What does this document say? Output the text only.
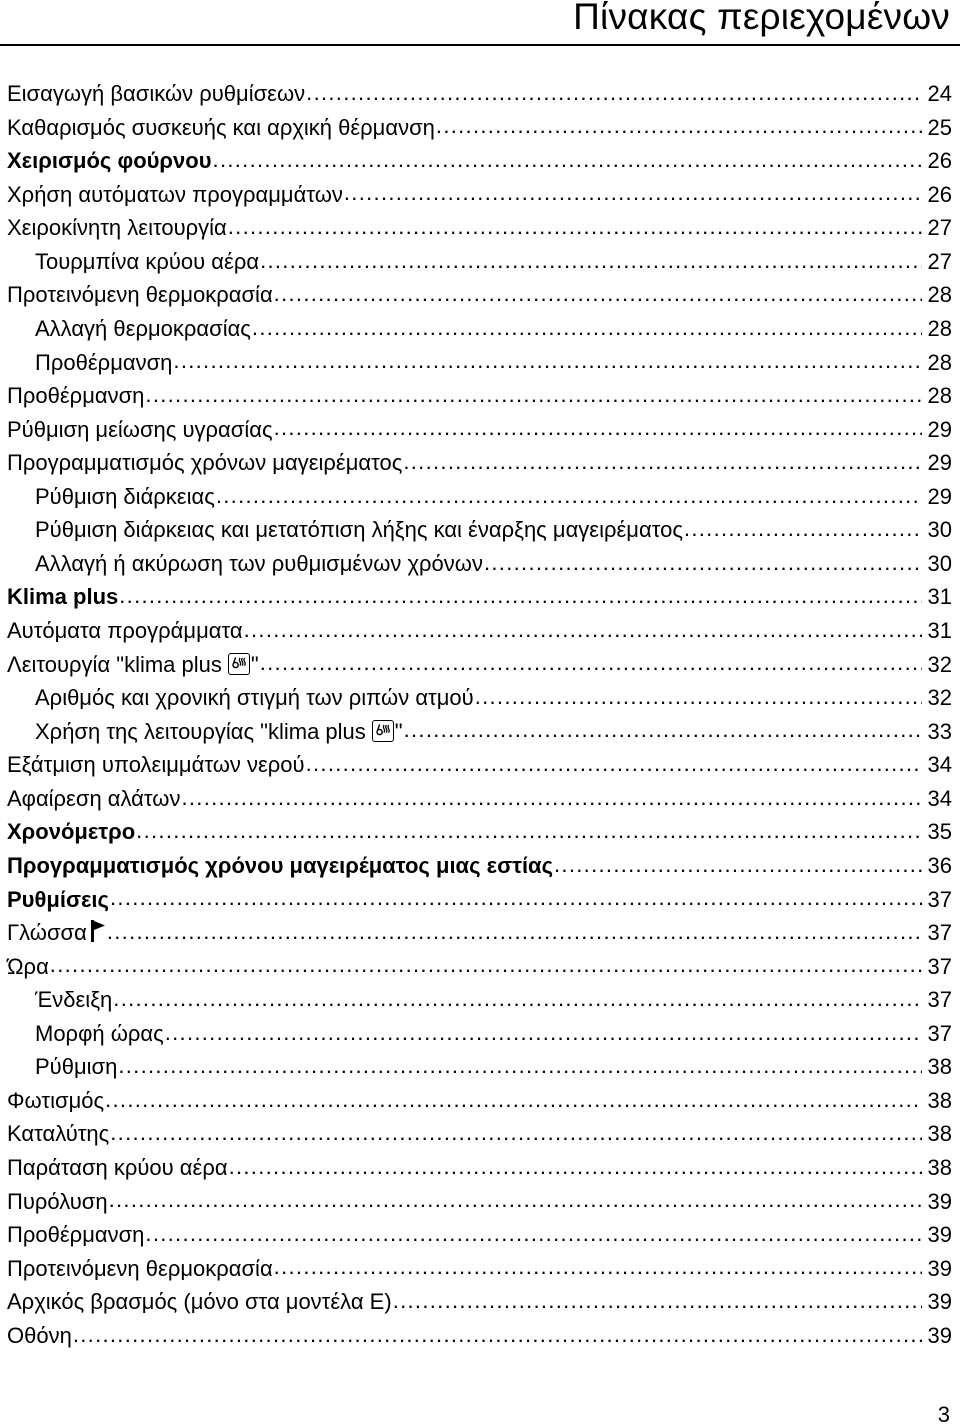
Πίνακας περιεχομένων
Εισαγωγή βασικών ρυθμίσεων .....	24
Καθαρισμός συσκευής και αρχική θέρμανση .....	25
Χειρισμός φούρνου .....	26
Χρήση αυτόματων προγραμμάτων .....	26
Χειροκίνητη λειτουργία .....	27
Τουρμπίνα κρύου αέρα .....	27
Προτεινόμενη θερμοκρασία .....	28
Αλλαγή θερμοκρασίας .....	28
Προθέρμανση .....	28
Προθέρμανση .....	28
Ρύθμιση μείωσης υγρασίας .....	29
Προγραμματισμός χρόνων μαγειρέματος .....	29
Ρύθμιση διάρκειας .....	29
Ρύθμιση διάρκειας και μετατόπιση λήξης και έναρξης μαγειρέματος .....	30
Αλλαγή ή ακύρωση των ρυθμισμένων χρόνων .....	30
Klima plus .....	31
Αυτόματα προγράμματα .....	31
Λειτουργία "klima plus " .....	32
Αριθμός και χρονική στιγμή των ριπών ατμού .....	32
Χρήση της λειτουργίας "klima plus " .....	33
Εξάτμιση υπολειμμάτων νερού .....	34
Αφαίρεση αλάτων .....	34
Χρονόμετρο .....	35
Προγραμματισμός χρόνου μαγειρέματος μιας εστίας .....	36
Ρυθμίσεις .....	37
Γλώσσα .....	37
Ώρα .....	37
Ένδειξη .....	37
Μορφή ώρας .....	37
Ρύθμιση .....	38
Φωτισμός .....	38
Καταλύτης .....	38
Παράταση κρύου αέρα .....	38
Πυρόλυση .....	39
Προθέρμανση .....	39
Προτεινόμενη θερμοκρασία .....	39
Αρχικός βρασμός (μόνο στα μοντέλα Ε) .....	39
Οθόνη .....	39

3
